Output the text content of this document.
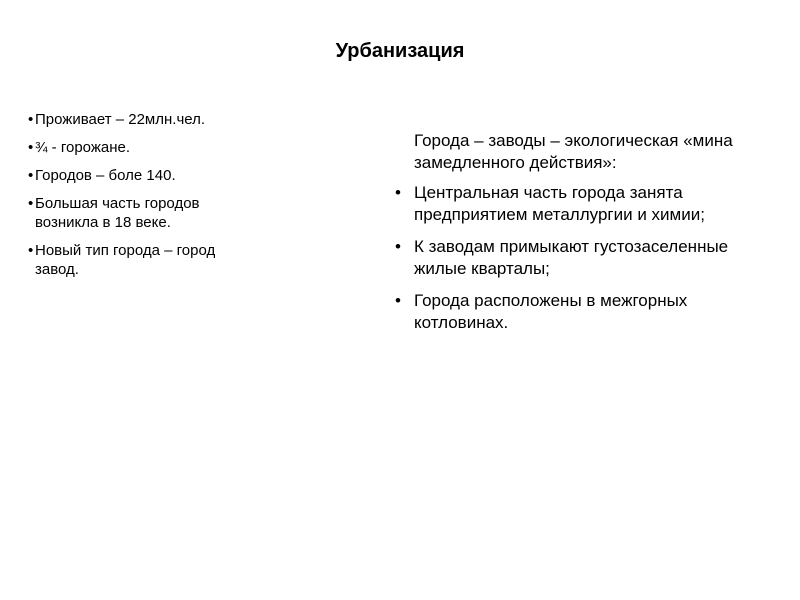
Урбанизация
• Проживает – 22млн.чел.
• ¾ - горожане.
• Городов – боле 140.
• Большая часть городов возникла в 18 веке.
• Новый тип города – город завод.

Города – заводы – экологическая «мина замедленного действия»:

• Центральная часть города занята предприятием металлургии и химии;
• К заводам примыкают густозаселенные жилые кварталы;
• Города расположены в межгорных котловинах.
